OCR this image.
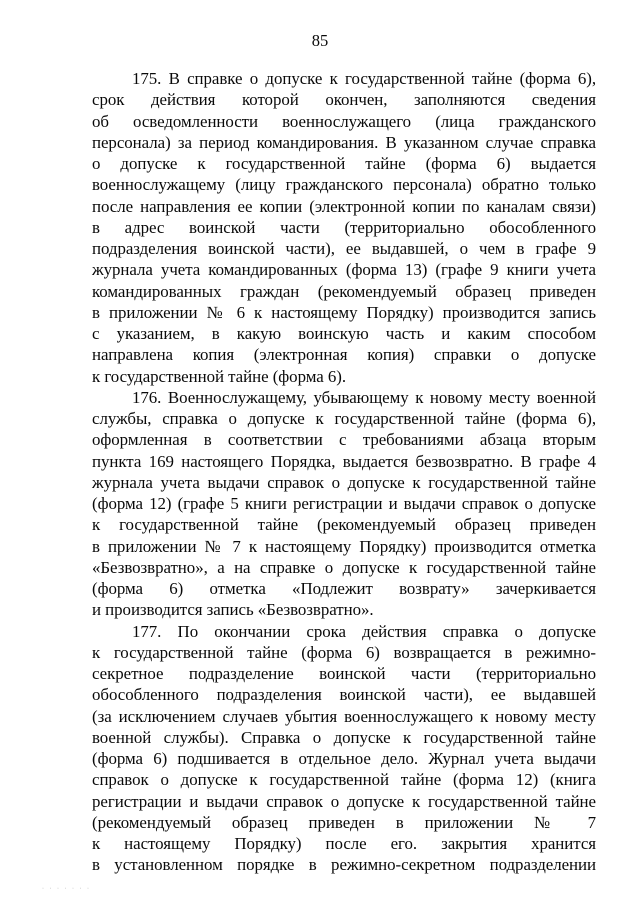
85
175. В справке о допуске к государственной тайне (форма 6),
срок действия которой окончен, заполняются сведения
об осведомленности военнослужащего (лица гражданского
персонала) за период командирования. В указанном случае справка
о допуске к государственной тайне (форма 6) выдается
военнослужащему (лицу гражданского персонала) обратно только
после направления ее копии (электронной копии по каналам связи)
в адрес воинской части (территориально обособленного
подразделения воинской части), ее выдавшей, о чем в графе 9
журнала учета командированных (форма 13) (графе 9 книги учета
командированных граждан (рекомендуемый образец приведен
в приложении № 6 к настоящему Порядку) производится запись
с указанием, в какую воинскую часть и каким способом
направлена копия (электронная копия) справки о допуске
к государственной тайне (форма 6).
176. Военнослужащему, убывающему к новому месту военной
службы, справка о допуске к государственной тайне (форма 6),
оформленная в соответствии с требованиями абзаца вторым
пункта 169 настоящего Порядка, выдается безвозвратно. В графе 4
журнала учета выдачи справок о допуске к государственной тайне
(форма 12) (графе 5 книги регистрации и выдачи справок о допуске
к государственной тайне (рекомендуемый образец приведен
в приложении № 7 к настоящему Порядку) производится отметка
«Безвозвратно», а на справке о допуске к государственной тайне
(форма 6) отметка «Подлежит возврату» зачеркивается
и производится запись «Безвозвратно».
177. По окончании срока действия справка о допуске
к государственной тайне (форма 6) возвращается в режимно-
секретное подразделение воинской части (территориально
обособленного подразделения воинской части), ее выдавшей
(за исключением случаев убытия военнослужащего к новому месту
военной службы). Справка о допуске к государственной тайне
(форма 6) подшивается в отдельное дело. Журнал учета выдачи
справок о допуске к государственной тайне (форма 12) (книга
регистрации и выдачи справок о допуске к государственной тайне
(рекомендуемый образец приведен в приложении № 7
к настоящему Порядку) после его. закрытия хранится
в установленном порядке в режимно-секретном подразделении
· · · · · · ·
